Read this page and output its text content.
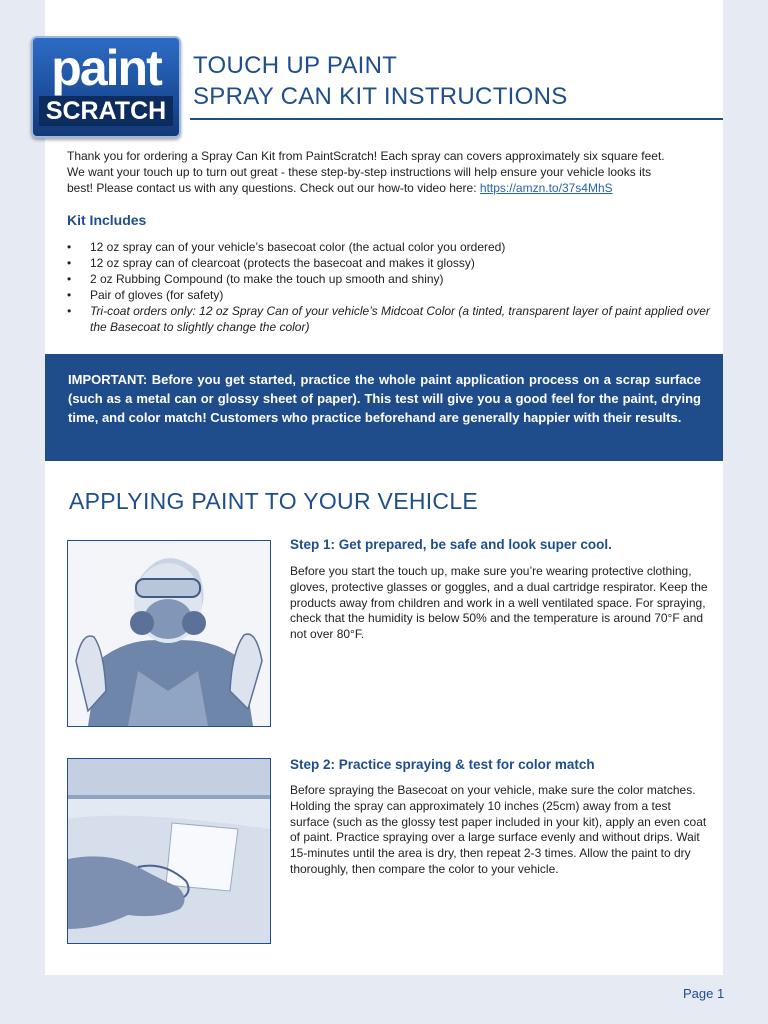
paint
SCRATCH
TOUCH UP PAINT
SPRAY CAN KIT INSTRUCTIONS
Thank you for ordering a Spray Can Kit from PaintScratch! Each spray can covers approximately six square feet.
We want your touch up to turn out great - these step-by-step instructions will help ensure your vehicle looks its
best! Please contact us with any questions. Check out our how-to video here: https://amzn.to/37s4MhS
Kit Includes
• 12 oz spray can of your vehicle’s basecoat color (the actual color you ordered)
• 12 oz spray can of clearcoat (protects the basecoat and makes it glossy)
• 2 oz Rubbing Compound (to make the touch up smooth and shiny)
• Pair of gloves (for safety)
• Tri-coat orders only: 12 oz Spray Can of your vehicle’s Midcoat Color (a tinted, transparent layer of paint applied over the Basecoat to slightly change the color)

IMPORTANT: Before you get started, practice the whole paint application process on a scrap surface (such as a metal can or glossy sheet of paper). This test will give you a good feel for the paint, drying time, and color match! Customers who practice beforehand are generally happier with their results.

APPLYING PAINT TO YOUR VEHICLE
Step 1: Get prepared, be safe and look super cool.
Before you start the touch up, make sure you’re wearing protective clothing, gloves, protective glasses or goggles, and a dual cartridge respirator. Keep the products away from children and work in a well ventilated space. For spraying, check that the humidity is below 50% and the temperature is around 70°F and not over 80°F.
Step 2: Practice spraying & test for color match
Before spraying the Basecoat on your vehicle, make sure the color matches. Holding the spray can approximately 10 inches (25cm) away from a test surface (such as the glossy test paper included in your kit), apply an even coat of paint. Practice spraying over a large surface evenly and without drips. Wait 15-minutes until the area is dry, then repeat 2-3 times. Allow the paint to dry thoroughly, then compare the color to your vehicle.
Page 1
